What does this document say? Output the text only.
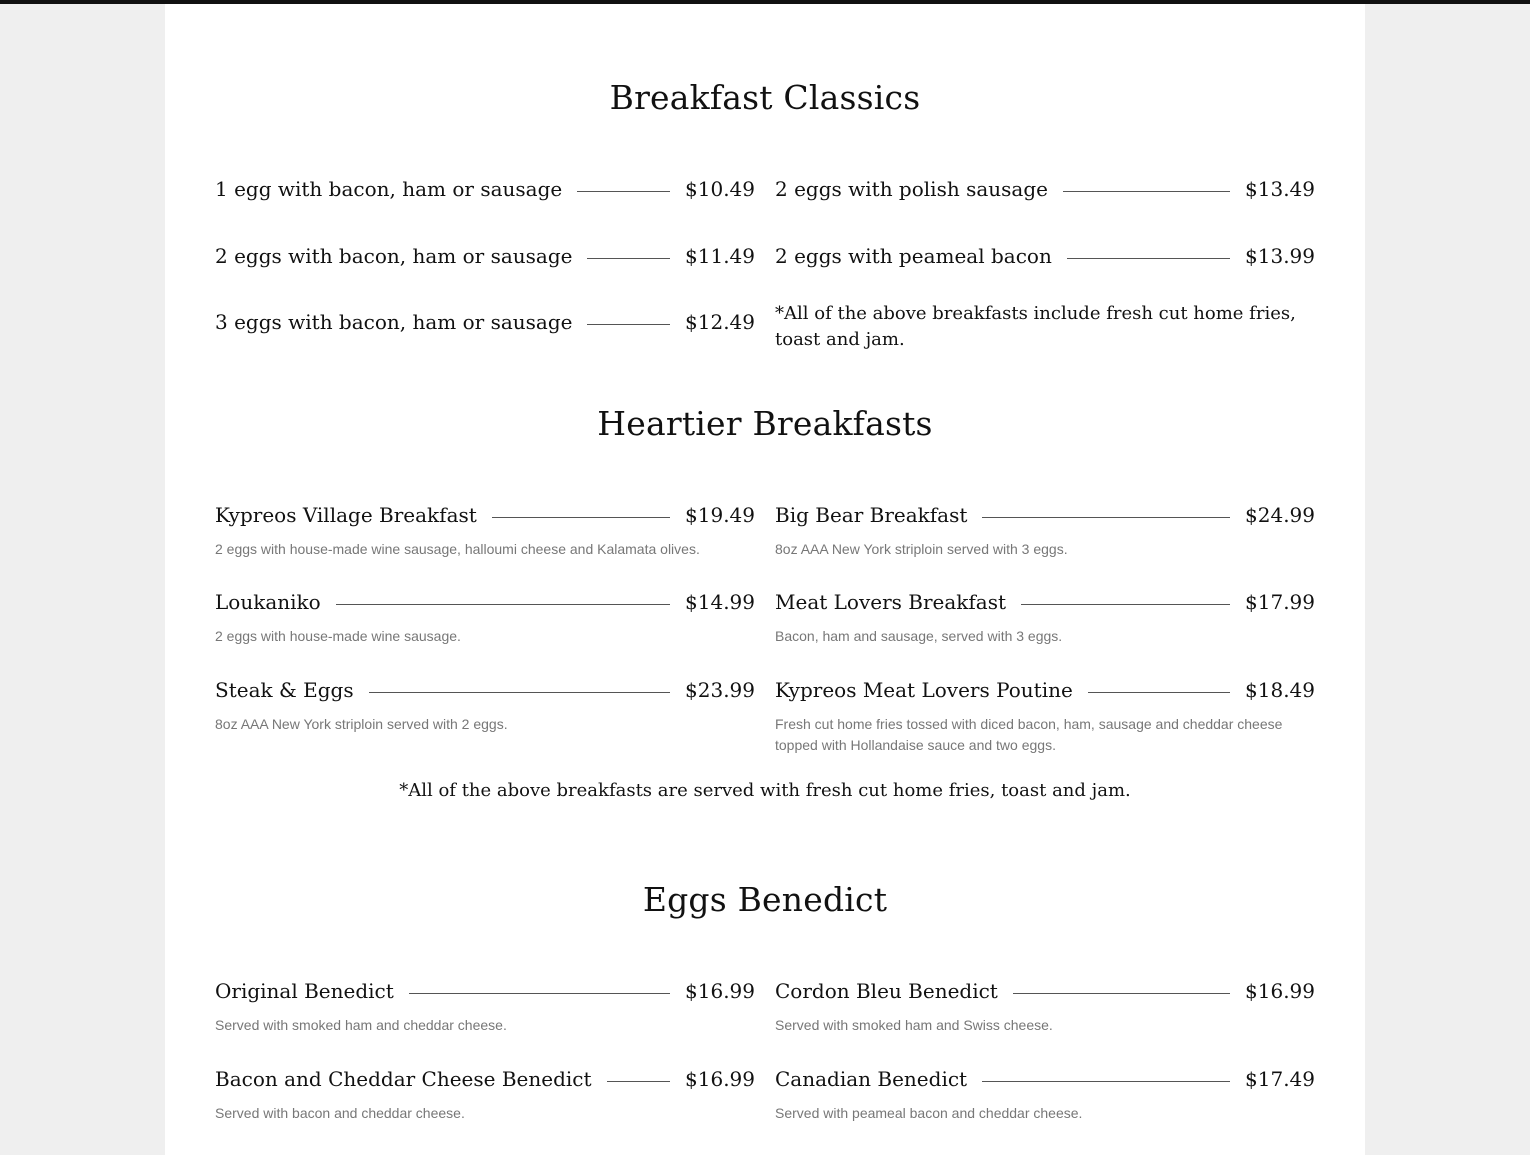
Breakfast Classics
1 egg with bacon, ham or sausage	$10.49 2 eggs with polish sausage	$13.49
2 eggs with bacon, ham or sausage	$11.49 2 eggs with peameal bacon	$13.99
3 eggs with bacon, ham or sausage	$12.49 *All of the above breakfasts include fresh cut home fries, toast and jam.
Heartier Breakfasts
Kypreos Village Breakfast	$19.49
2 eggs with house-made wine sausage, halloumi cheese and Kalamata olives.
Big Bear Breakfast	$24.99
8oz AAA New York striploin served with 3 eggs.
Loukaniko	$14.99
2 eggs with house-made wine sausage.
Meat Lovers Breakfast	$17.99
Bacon, ham and sausage, served with 3 eggs.
Steak & Eggs	$23.99
8oz AAA New York striploin served with 2 eggs.
Kypreos Meat Lovers Poutine	$18.49
Fresh cut home fries tossed with diced bacon, ham, sausage and cheddar cheese topped with Hollandaise sauce and two eggs.
*All of the above breakfasts are served with fresh cut home fries, toast and jam.
Eggs Benedict
Original Benedict	$16.99
Served with smoked ham and cheddar cheese.
Cordon Bleu Benedict	$16.99
Served with smoked ham and Swiss cheese.
Bacon and Cheddar Cheese Benedict	$16.99
Served with bacon and cheddar cheese.
Canadian Benedict	$17.49
Served with peameal bacon and cheddar cheese.
